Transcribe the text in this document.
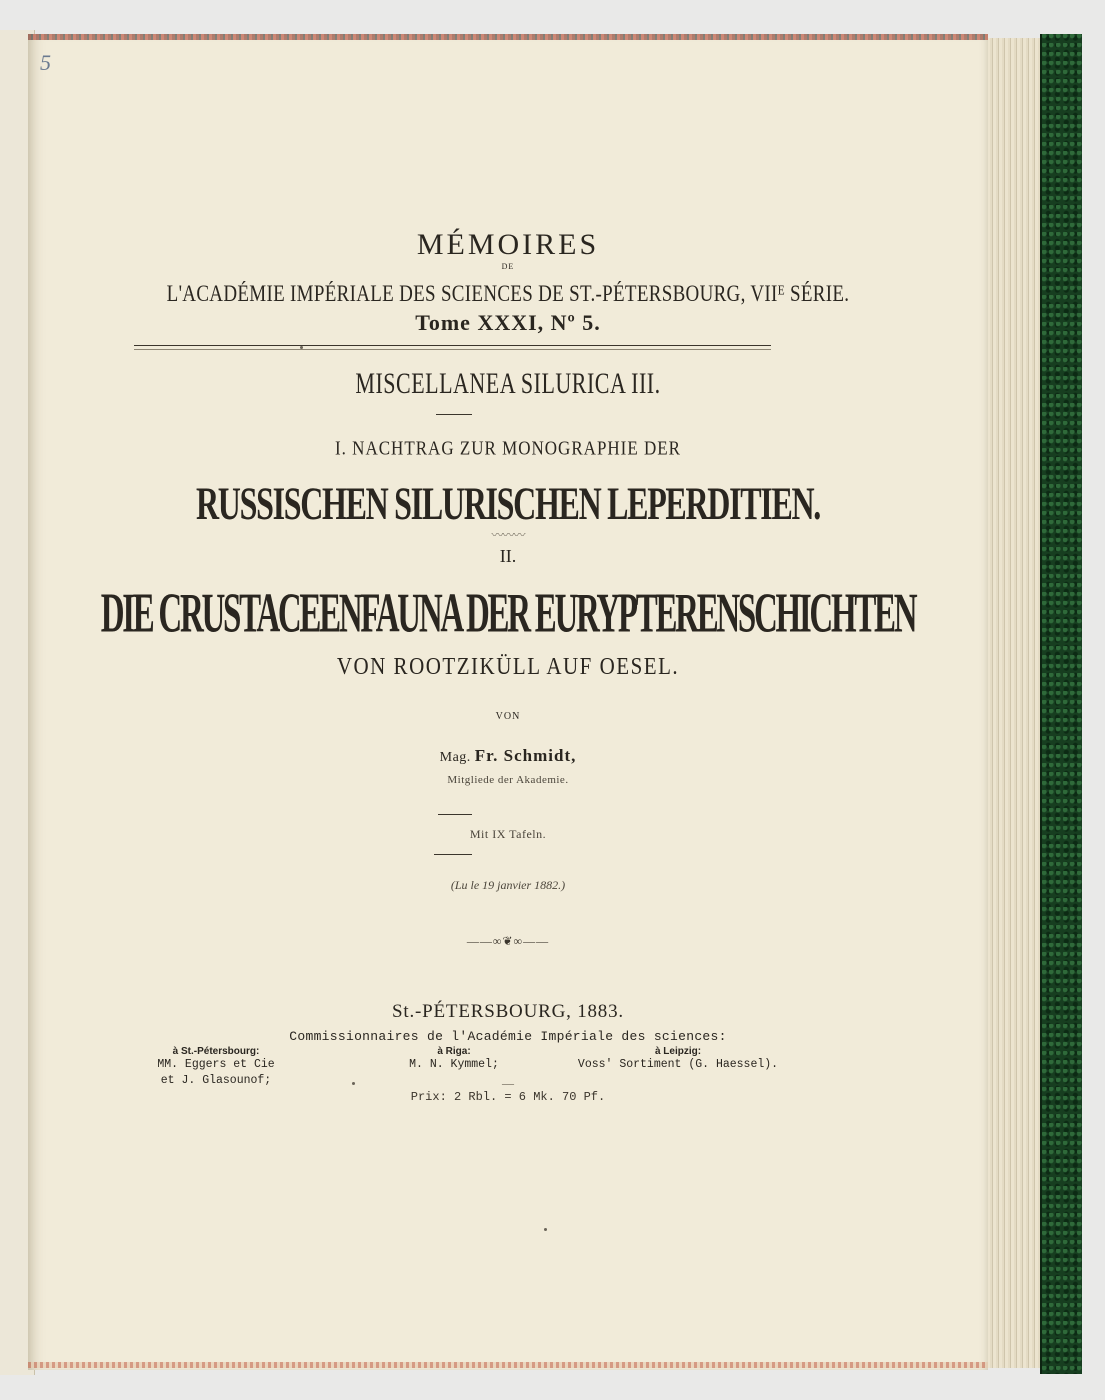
5
MÉMOIRES
DE
L'ACADÉMIE IMPÉRIALE DES SCIENCES DE ST.-PÉTERSBOURG, VIIᴱ SÉRIE.
Tome XXXI, Nº 5.
MISCELLANEA SILURICA III.
I. NACHTRAG ZUR MONOGRAPHIE DER
RUSSISCHEN SILURISCHEN LEPERDITIEN.
〰〰〰
II.
DIE CRUSTACEENFAUNA DER EURYPTERENSCHICHTEN
VON ROOTZIKÜLL AUF OESEL.
VON
Mag. Fr. Schmidt,
Mitgliede der Akademie.
Mit IX Tafeln.
(Lu le 19 janvier 1882.)
——∞❦∞——
St.-PÉTERSBOURG, 1883.
Commissionnaires de l'Académie Impériale des sciences:
à St.-Pétersbourg:
MM. Eggers et Cie
et J. Glasounof;
à Riga:
M. N. Kymmel;
à Leipzig:
Voss' Sortiment (G. Haessel).
—
Prix: 2 Rbl. = 6 Mk. 70 Pf.
